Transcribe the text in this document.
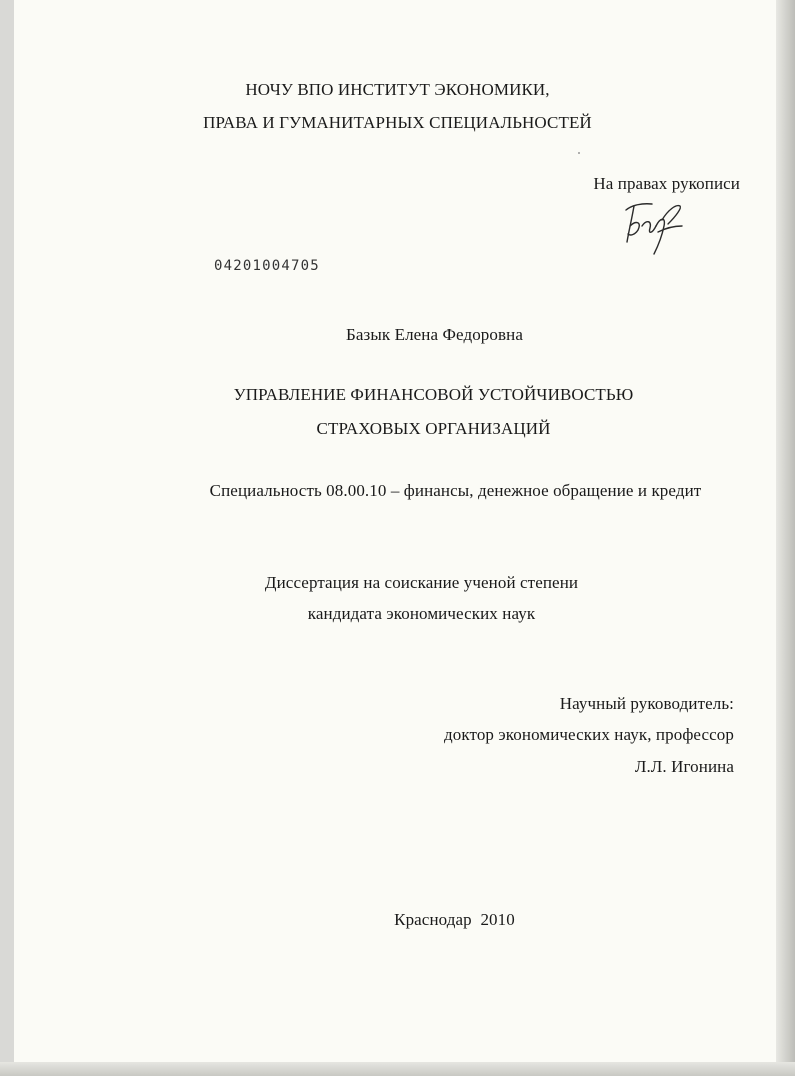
НОЧУ ВПО ИНСТИТУТ ЭКОНОМИКИ,
ПРАВА И ГУМАНИТАРНЫХ СПЕЦИАЛЬНОСТЕЙ
На правах рукописи
04201004705
Базык Елена Федоровна
УПРАВЛЕНИЕ ФИНАНСОВОЙ УСТОЙЧИВОСТЬЮ
СТРАХОВЫХ ОРГАНИЗАЦИЙ
Специальность 08.00.10 – финансы, денежное обращение и кредит
Диссертация на соискание ученой степени
кандидата экономических наук
Научный руководитель:
доктор экономических наук, профессор
Л.Л. Игонина
Краснодар  2010
